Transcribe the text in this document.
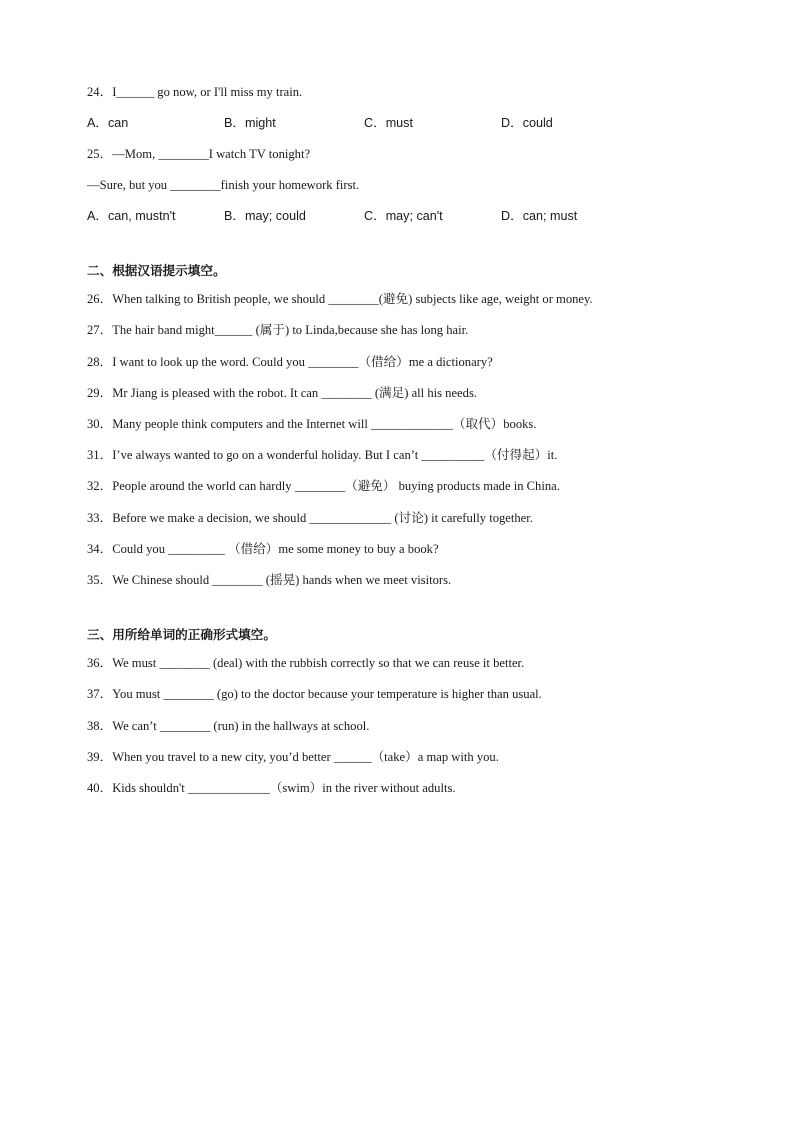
24．I______ go now, or I'll miss my train.
A．can	B．might	C．must	D．could
25．—Mom, ________I watch TV tonight?
—Sure, but you ________finish your homework first.
A．can, mustn't	B．may; could	C．may; can't	D．can; must
二、根据汉语提示填空。
26．When talking to British people, we should ________(避免) subjects like age, weight or money.
27．The hair band might______ (属于) to Linda,because she has long hair.
28．I want to look up the word. Could you ________（借给）me a dictionary?
29．Mr Jiang is pleased with the robot. It can ________ (满足) all his needs.
30．Many people think computers and the Internet will _____________（取代）books.
31．I’ve always wanted to go on a wonderful holiday. But I can’t __________（付得起）it.
32．People around the world can hardly ________（避免） buying products made in China.
33．Before we make a decision, we should _____________ (讨论) it carefully together.
34．Could you _________ （借给）me some money to buy a book?
35．We Chinese should ________ (摇晃) hands when we meet visitors.
三、用所给单词的正确形式填空。
36．We must ________ (deal) with the rubbish correctly so that we can reuse it better.
37．You must ________ (go) to the doctor because your temperature is higher than usual.
38．We can’t ________ (run) in the hallways at school.
39．When you travel to a new city, you’d better ______（take）a map with you.
40．Kids shouldn't _____________（swim）in the river without adults.
